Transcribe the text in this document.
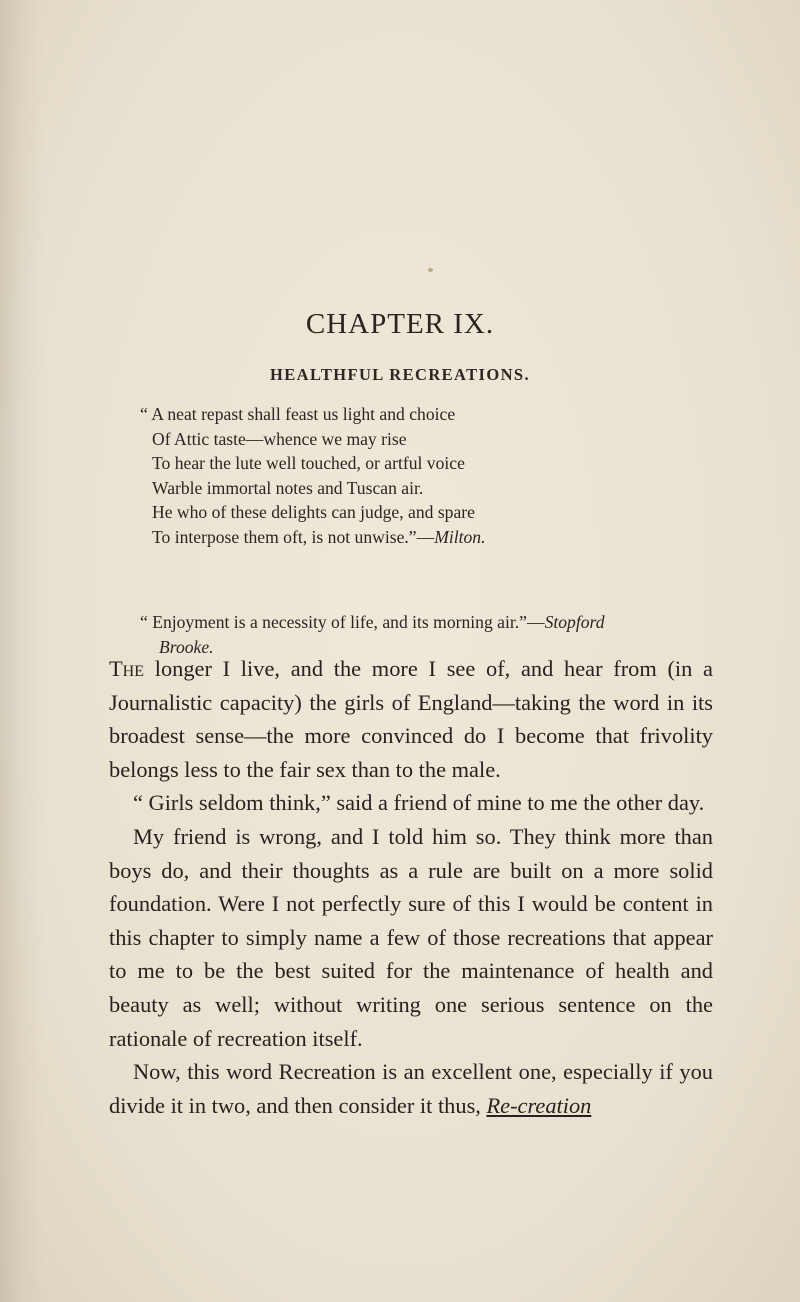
CHAPTER IX.
HEALTHFUL RECREATIONS.
“ A neat repast shall feast us light and choice
Of Attic taste—whence we may rise
To hear the lute well touched, or artful voice
Warble immortal notes and Tuscan air.
He who of these delights can judge, and spare
To interpose them oft, is not unwise.”—Milton.
“ Enjoyment is a necessity of life, and its morning air.”—Stopford
Brooke.

The longer I live, and the more I see of, and hear from (in a Journalistic capacity) the girls of England—taking the word in its broadest sense—the more convinced do I become that frivolity belongs less to the fair sex than to the male.

“ Girls seldom think,” said a friend of mine to me the other day.

My friend is wrong, and I told him so. They think more than boys do, and their thoughts as a rule are built on a more solid foundation. Were I not perfectly sure of this I would be content in this chapter to simply name a few of those recreations that appear to me to be the best suited for the maintenance of health and beauty as well; without writing one serious sentence on the rationale of recreation itself.

Now, this word Recreation is an excellent one, especially if you divide it in two, and then consider it thus, Re-creation
